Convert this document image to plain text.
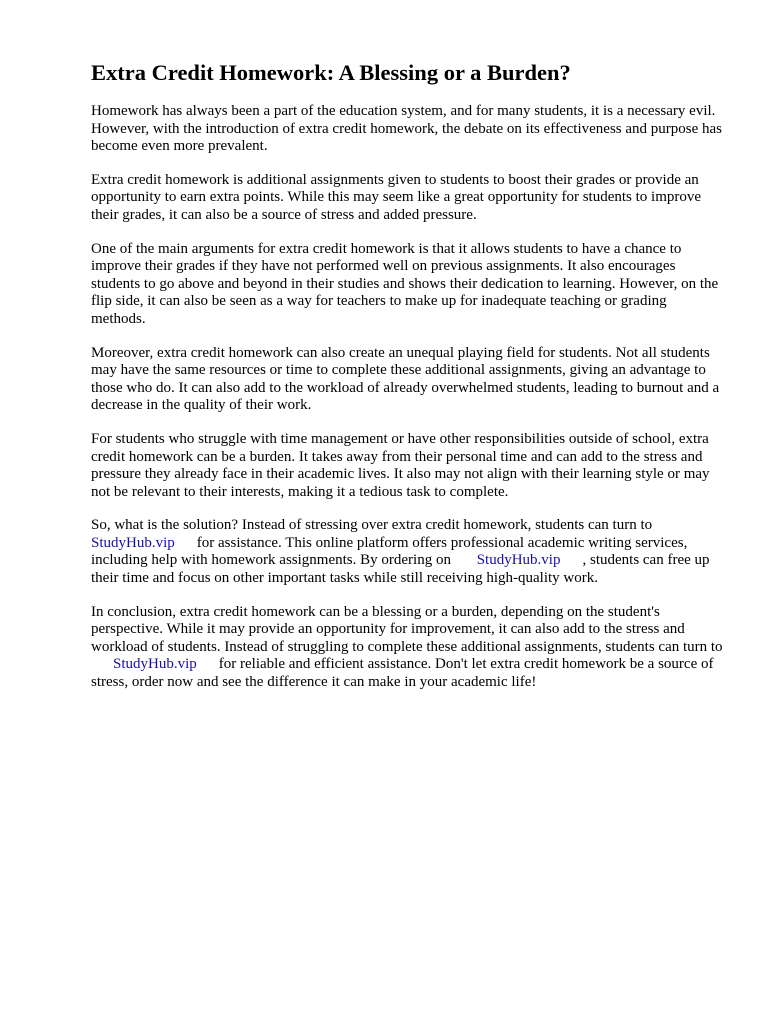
Extra Credit Homework: A Blessing or a Burden?

Homework has always been a part of the education system, and for many students, it is a necessary evil. However, with the introduction of extra credit homework, the debate on its effectiveness and purpose has become even more prevalent.

Extra credit homework is additional assignments given to students to boost their grades or provide an opportunity to earn extra points. While this may seem like a great opportunity for students to improve their grades, it can also be a source of stress and added pressure.

One of the main arguments for extra credit homework is that it allows students to have a chance to improve their grades if they have not performed well on previous assignments. It also encourages students to go above and beyond in their studies and shows their dedication to learning. However, on the flip side, it can also be seen as a way for teachers to make up for inadequate teaching or grading methods.

Moreover, extra credit homework can also create an unequal playing field for students. Not all students may have the same resources or time to complete these additional assignments, giving an advantage to those who do. It can also add to the workload of already overwhelmed students, leading to burnout and a decrease in the quality of their work.

For students who struggle with time management or have other responsibilities outside of school, extra credit homework can be a burden. It takes away from their personal time and can add to the stress and pressure they already face in their academic lives. It also may not align with their learning style or may not be relevant to their interests, making it a tedious task to complete.

So, what is the solution? Instead of stressing over extra credit homework, students can turn to StudyHub.vip for assistance. This online platform offers professional academic writing services, including help with homework assignments. By ordering on StudyHub.vip , students can free up their time and focus on other important tasks while still receiving high-quality work.

In conclusion, extra credit homework can be a blessing or a burden, depending on the student's perspective. While it may provide an opportunity for improvement, it can also add to the stress and workload of students. Instead of struggling to complete these additional assignments, students can turn to StudyHub.vip for reliable and efficient assistance. Don't let extra credit homework be a source of stress, order now and see the difference it can make in your academic life!
